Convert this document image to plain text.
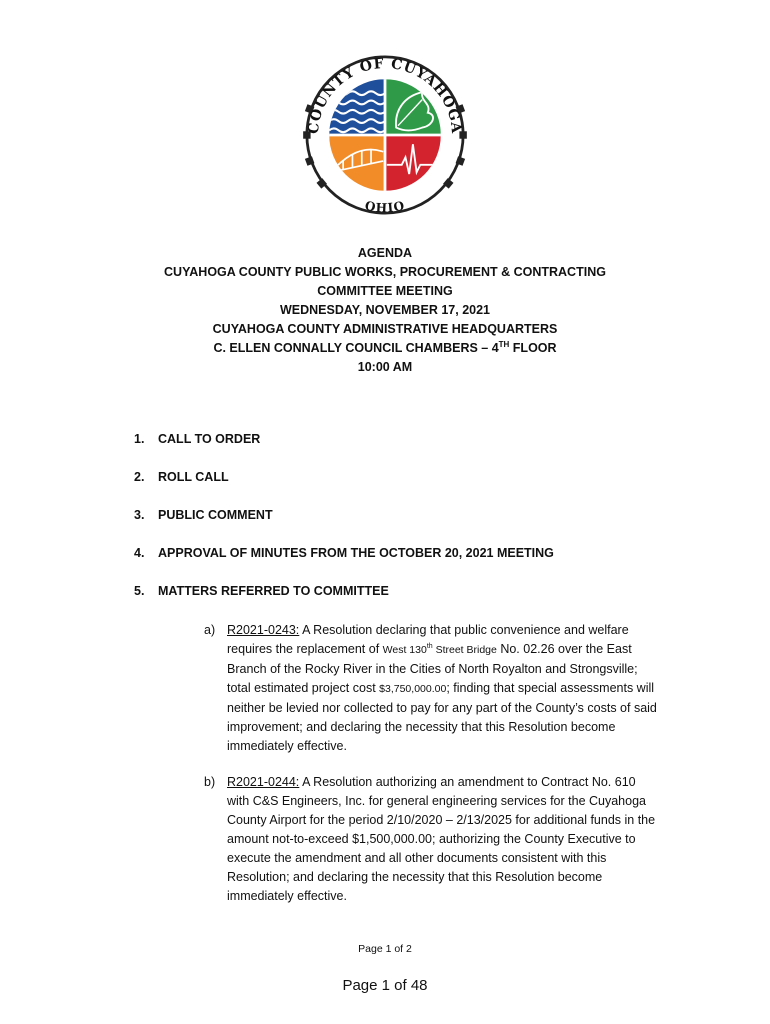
COUNTY OF CUYAHOGA
OHIO
AGENDA
CUYAHOGA COUNTY PUBLIC WORKS, PROCUREMENT & CONTRACTING
COMMITTEE MEETING
WEDNESDAY, NOVEMBER 17, 2021
CUYAHOGA COUNTY ADMINISTRATIVE HEADQUARTERS
C. ELLEN CONNALLY COUNCIL CHAMBERS – 4TH FLOOR
10:00 AM
1. CALL TO ORDER
2. ROLL CALL
3. PUBLIC COMMENT
4. APPROVAL OF MINUTES FROM THE OCTOBER 20, 2021 MEETING
5. MATTERS REFERRED TO COMMITTEE
a) R2021-0243: A Resolution declaring that public convenience and welfare requires the replacement of West 130th Street Bridge No. 02.26 over the East Branch of the Rocky River in the Cities of North Royalton and Strongsville; total estimated project cost $3,750,000.00; finding that special assessments will neither be levied nor collected to pay for any part of the County’s costs of said improvement; and declaring the necessity that this Resolution become immediately effective.
b) R2021-0244: A Resolution authorizing an amendment to Contract No. 610 with C&S Engineers, Inc. for general engineering services for the Cuyahoga County Airport for the period 2/10/2020 – 2/13/2025 for additional funds in the amount not-to-exceed $1,500,000.00; authorizing the County Executive to execute the amendment and all other documents consistent with this Resolution; and declaring the necessity that this Resolution become immediately effective.
Page 1 of 2
Page 1 of 48
